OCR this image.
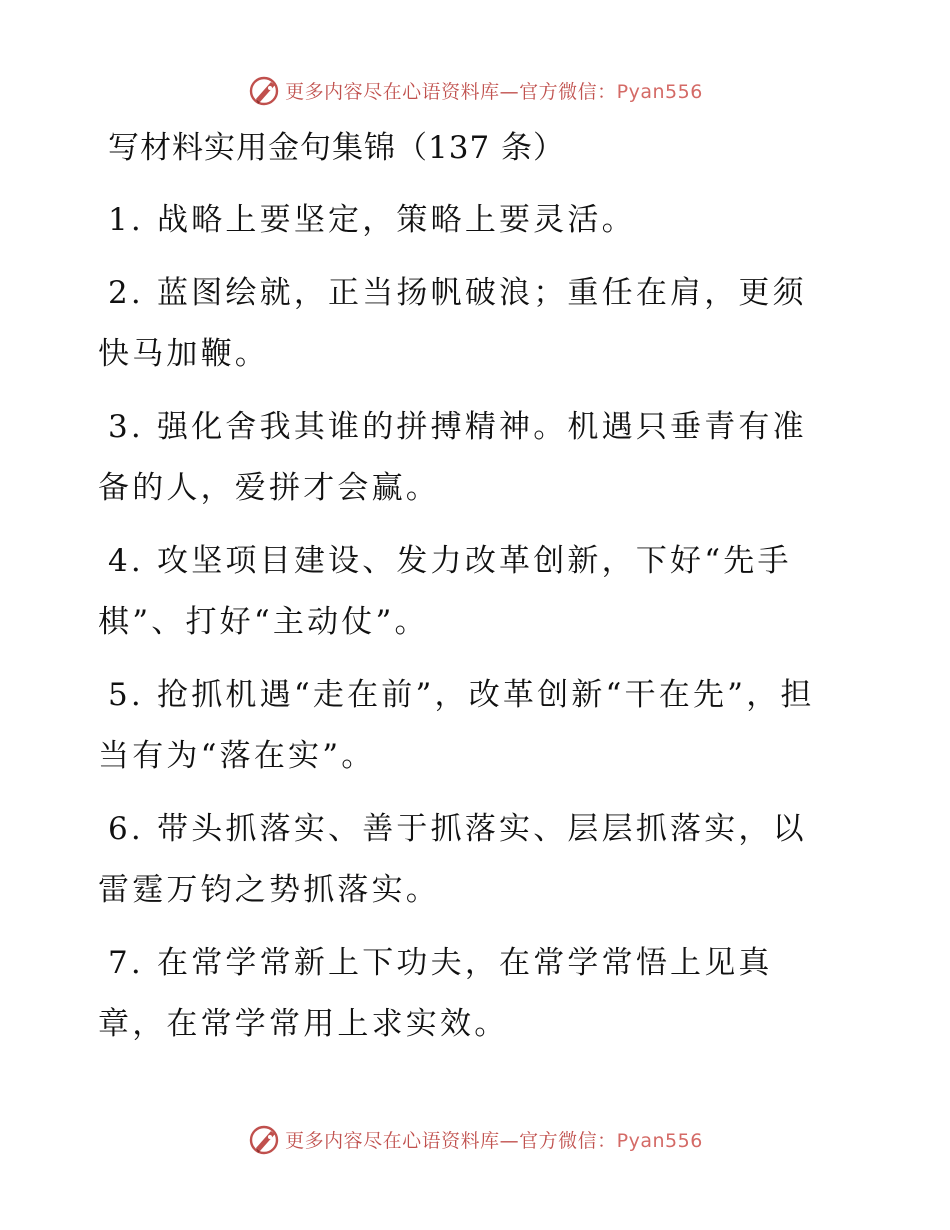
更多内容尽在心语资料库—官方微信：Pyan556
写材料实用金句集锦（137 条）

1. 战略上要坚定，策略上要灵活。

2. 蓝图绘就，正当扬帆破浪；重任在肩，更须快马加鞭。

3. 强化舍我其谁的拼搏精神。机遇只垂青有准备的人，爱拼才会赢。

4. 攻坚项目建设、发力改革创新，下好“先手棋”、打好“主动仗”。

5. 抢抓机遇“走在前”，改革创新“干在先”，担当有为“落在实”。

6. 带头抓落实、善于抓落实、层层抓落实，以雷霆万钧之势抓落实。

7. 在常学常新上下功夫，在常学常悟上见真章，在常学常用上求实效。

更多内容尽在心语资料库—官方微信：Pyan556
